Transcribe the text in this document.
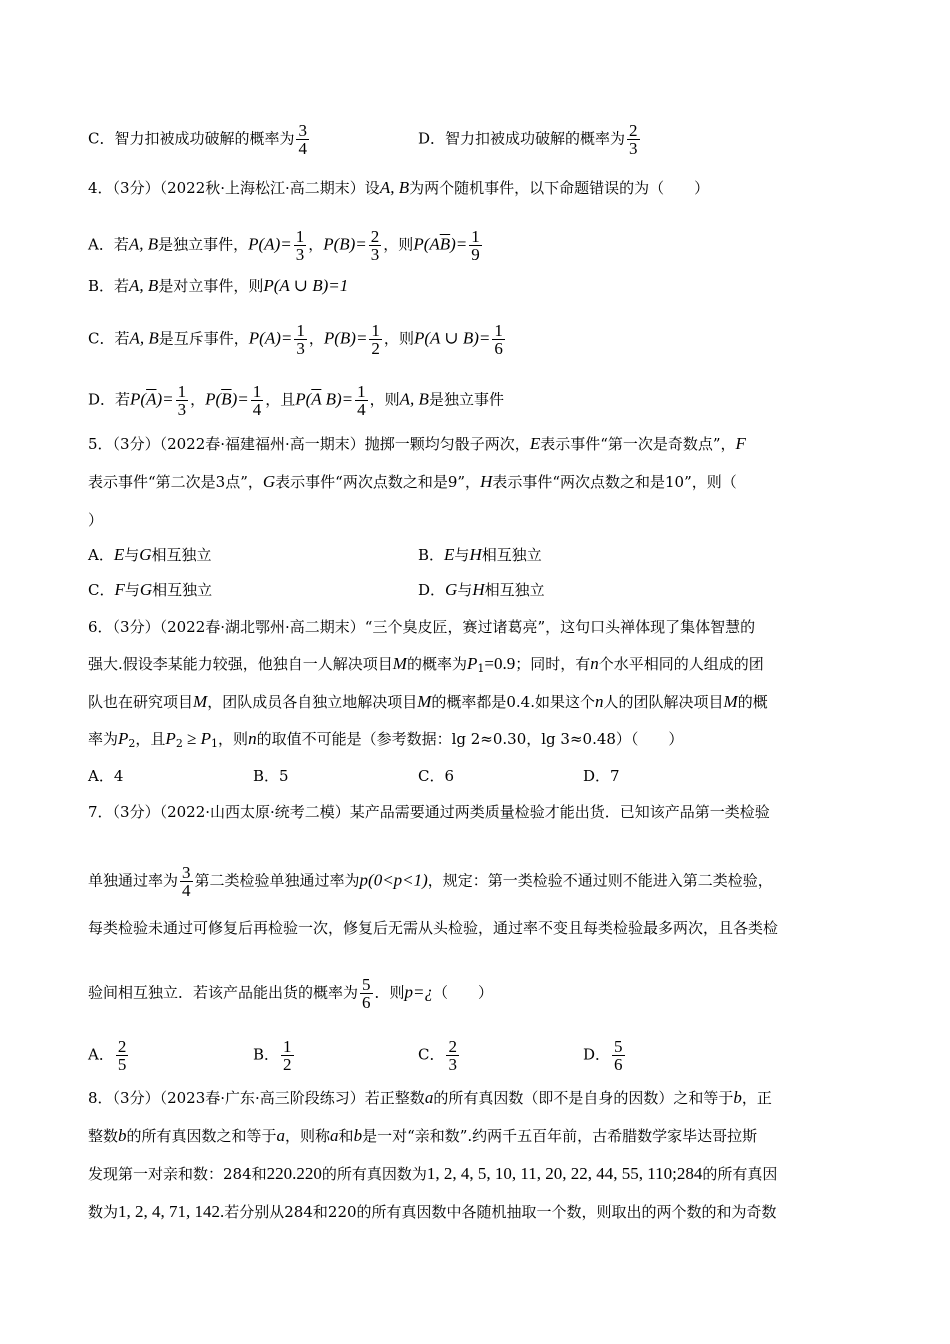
C．智力扣被成功破解的概率为 $\frac{3}{4}$	D．智力扣被成功破解的概率为 $\frac{2}{3}$
4．（3分）（2022秋·上海松江·高二期末）设A, B为两个随机事件，以下命题错误的为（　　）
A．若A, B是独立事件，$P(A)= \frac{1}{3}$ ，$P(B)= \frac{2}{3}$ ，则$P(A\overline{B})= \frac{1}{9}$
B．若A, B是对立事件，则P(A ∪ B)=1
C．若A, B是互斥事件，$P(A)= \frac{1}{3}$ ，$P(B)= \frac{1}{2}$ ，则P(A ∪ $B)= \frac{1}{6}$
D．若$P(\overline{A})= \frac{1}{3}$ ，$P(\overline{B})= \frac{1}{4}$ ，且$P(\overline{A}$ $B)= \frac{1}{4}$ ，则A, B是独立事件
5．（3分）（2022春·福建福州·高一期末）抛掷一颗均匀骰子两次，E表示事件“第一次是奇数点”，F
表示事件“第二次是3点”，G表示事件“两次点数之和是9”，H表示事件“两次点数之和是10”，则（
）
A．E与G相互独立	B．E与H相互独立
C．F与G相互独立	D．G与H相互独立
6．（3分）（2022春·湖北鄂州·高二期末）“三个臭皮匠，赛过诸葛亮”，这句口头禅体现了集体智慧的
强大.假设李某能力较强，他独自一人解决项目M的概率为$P_1=0.9$；同时，有n个水平相同的人组成的团
队也在研究项目M，团队成员各自独立地解决项目M的概率都是0.4.如果这个n人的团队解决项目M的概
率为$P_2$，且$P_2 \ge P_1$，则n的取值不可能是（参考数据：lg 2≈0.30，lg 3≈0.48）（　　）
A．4	B．5	C．6	D．7
7．（3分）（2022·山西太原·统考二模）某产品需要通过两类质量检验才能出货．已知该产品第一类检验
单独通过率为 $\frac{3}{4}$ 第二类检验单独通过率为p(0<p<1)，规定：第一类检验不通过则不能进入第二类检验，
每类检验未通过可修复后再检验一次，修复后无需从头检验，通过率不变且每类检验最多两次，且各类检
验间相互独立．若该产品能出货的概率为 $\frac{5}{6}$ ．则p=¿（　　）
A． $\frac{2}{5}$	B． $\frac{1}{2}$	C． $\frac{2}{3}$	D． $\frac{5}{6}$
8．（3分）（2023春·广东·高三阶段练习）若正整数a的所有真因数（即不是自身的因数）之和等于b，正
整数b的所有真因数之和等于a，则称a和b是一对“亲和数”.约两千五百年前，古希腊数学家毕达哥拉斯
发现第一对亲和数：284和220.220的所有真因数为1, 2, 4, 5, 10, 11, 20, 22, 44, 55, 110;284的所有真因
数为1, 2, 4, 71, 142.若分别从284和220的所有真因数中各随机抽取一个数，则取出的两个数的和为奇数
